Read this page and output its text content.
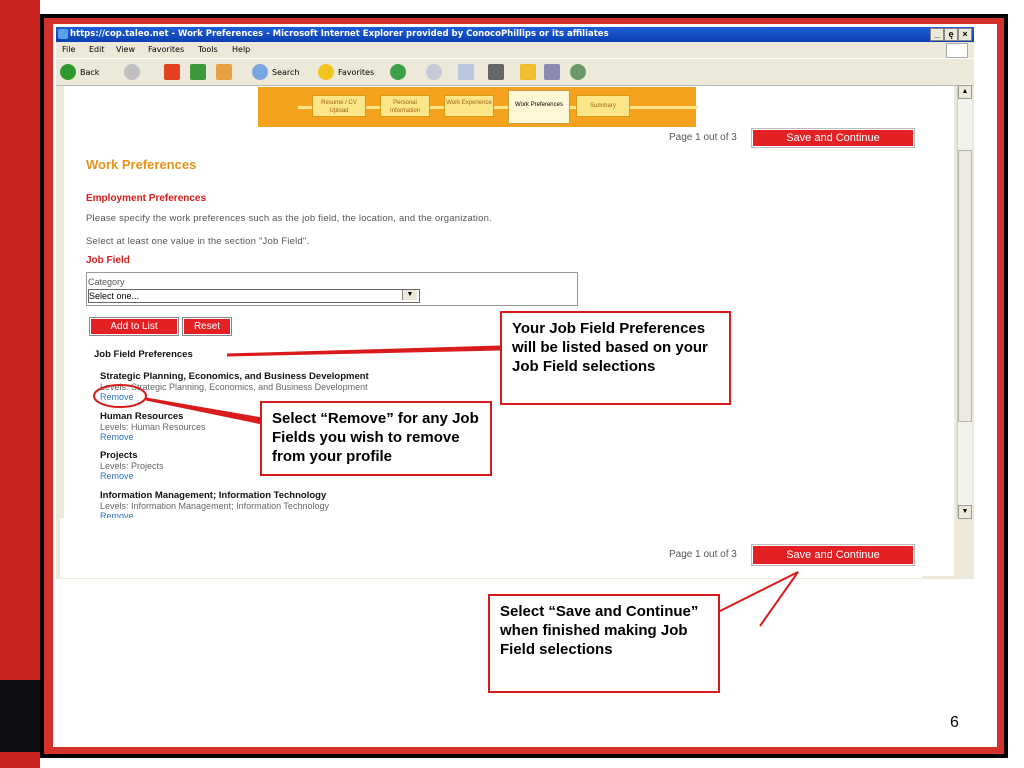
https://cop.taleo.net - Work Preferences - Microsoft Internet Explorer provided by ConocoPhillips or its affiliates	_ ę ×
File Edit View Favorites Tools Help
Back	Search	Favorites
▲
▼
Resume / CV Upload
Personal Information
Work Experience	Work Preferences	Summary
Page 1 out of 3	Save and Continue
Work Preferences
Employment Preferences
Please specify the work preferences such as the job field, the location, and the organization.
Select at least one value in the section "Job Field".
Job Field
Category
Select one...	▼
Add to List	Reset
Job Field Preferences
Strategic Planning, Economics, and Business Development
Levels: Strategic Planning, Economics, and Business Development
Remove
Human Resources
Levels: Human Resources
Remove
Projects
Levels: Projects
Remove
Information Management; Information Technology
Levels: Information Management; Information Technology
Remove
Page 1 out of 3	Save and Continue
Your Job Field Preferences will be listed based on your Job Field selections
Select “Remove” for any Job Fields you wish to remove from your profile
Select “Save and Continue” when finished making Job Field selections
6
